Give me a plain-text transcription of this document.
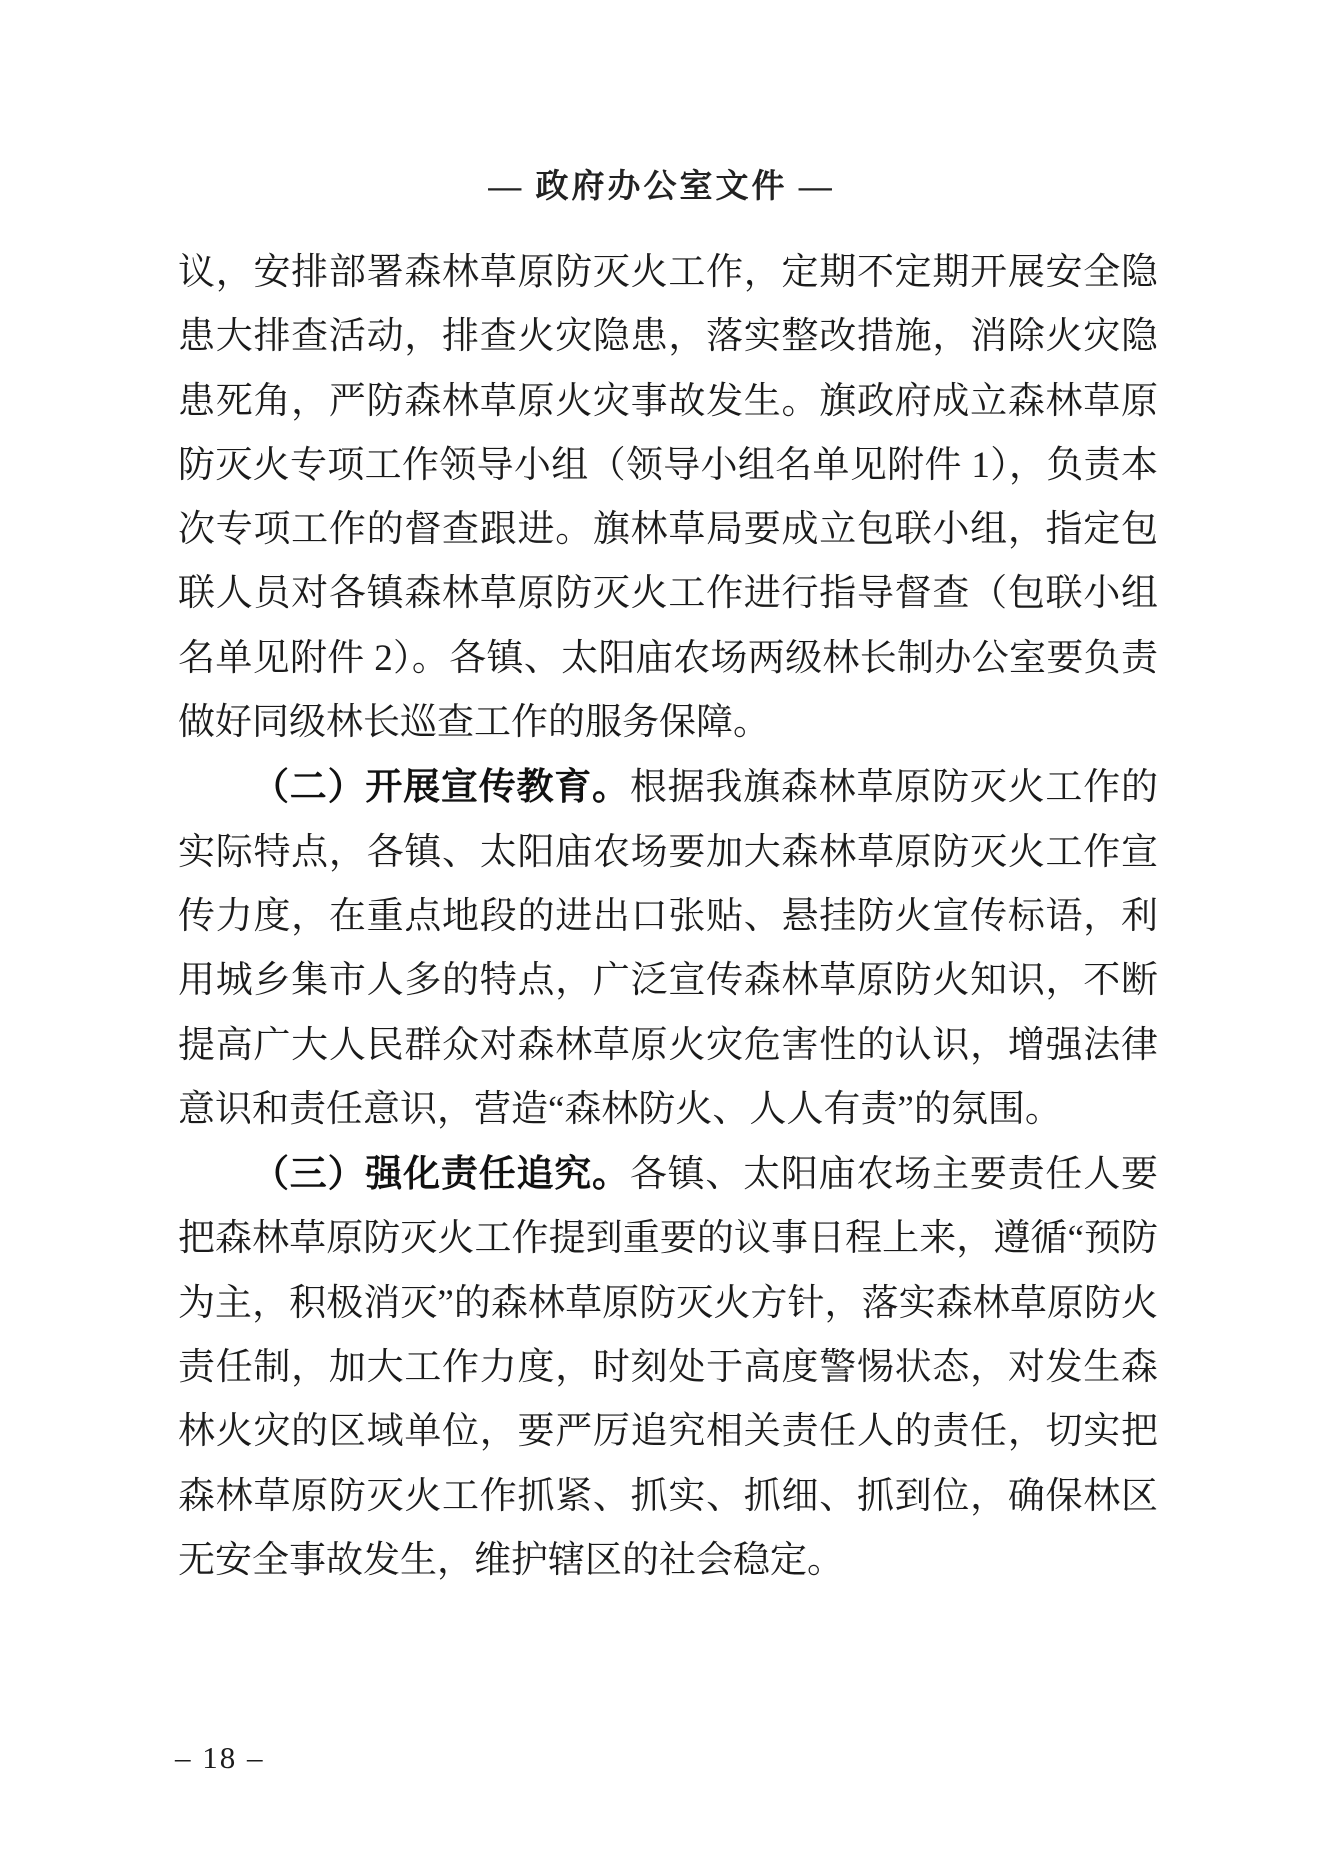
— 政府办公室文件 —

议，安排部署森林草原防灭火工作，定期不定期开展安全隐患大排查活动，排查火灾隐患，落实整改措施，消除火灾隐患死角，严防森林草原火灾事故发生。旗政府成立森林草原防灭火专项工作领导小组（领导小组名单见附件 1），负责本次专项工作的督查跟进。旗林草局要成立包联小组，指定包联人员对各镇森林草原防灭火工作进行指导督查（包联小组名单见附件 2）。各镇、太阳庙农场两级林长制办公室要负责做好同级林长巡查工作的服务保障。

（二）开展宣传教育。根据我旗森林草原防灭火工作的实际特点，各镇、太阳庙农场要加大森林草原防灭火工作宣传力度，在重点地段的进出口张贴、悬挂防火宣传标语，利用城乡集市人多的特点，广泛宣传森林草原防火知识，不断提高广大人民群众对森林草原火灾危害性的认识，增强法律意识和责任意识，营造“森林防火、人人有责”的氛围。

（三）强化责任追究。各镇、太阳庙农场主要责任人要把森林草原防灭火工作提到重要的议事日程上来，遵循“预防为主，积极消灭”的森林草原防灭火方针，落实森林草原防火责任制，加大工作力度，时刻处于高度警惕状态，对发生森林火灾的区域单位，要严厉追究相关责任人的责任，切实把森林草原防灭火工作抓紧、抓实、抓细、抓到位，确保林区无安全事故发生，维护辖区的社会稳定。

– 18 –
